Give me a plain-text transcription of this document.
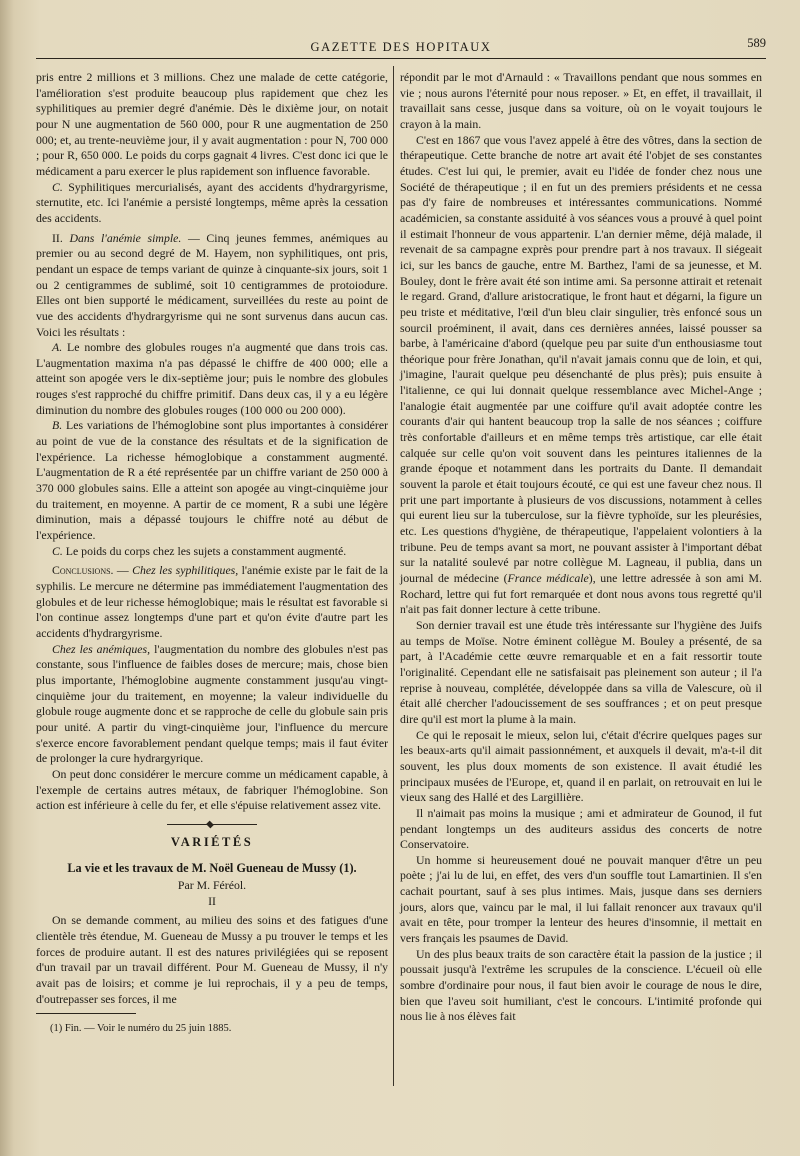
GAZETTE DES HOPITAUX	589

pris entre 2 millions et 3 millions. Chez une malade de cette catégorie, l'amélioration s'est produite beaucoup plus rapidement que chez les syphilitiques au premier degré d'anémie. Dès le dixième jour, on notait pour N une augmentation de 560 000, pour R une augmentation de 250 000; et, au trente-neuvième jour, il y avait augmentation : pour N, 700 000 ; pour R, 650 000. Le poids du corps gagnait 4 livres. C'est donc ici que le médicament a paru exercer le plus rapidement son influence favorable.

C. Syphilitiques mercurialisés, ayant des accidents d'hydrargyrisme, sternutite, etc. Ici l'anémie a persisté longtemps, même après la cessation des accidents.

II. Dans l'anémie simple. — Cinq jeunes femmes, anémiques au premier ou au second degré de M. Hayem, non syphilitiques, ont pris, pendant un espace de temps variant de quinze à cinquante-six jours, soit 1 ou 2 centigrammes de sublimé, soit 10 centigrammes de protoiodure. Elles ont bien supporté le médicament, surveillées du reste au point de vue des accidents d'hydrargyrisme qui ne sont survenus dans aucun cas. Voici les résultats :

A. Le nombre des globules rouges n'a augmenté que dans trois cas. L'augmentation maxima n'a pas dépassé le chiffre de 400 000; elle a atteint son apogée vers le dix-septième jour; puis le nombre des globules rouges s'est rapproché du chiffre primitif. Dans deux cas, il y a eu légère diminution du nombre des globules rouges (100 000 ou 200 000).

B. Les variations de l'hémoglobine sont plus importantes à considérer au point de vue de la constance des résultats et de la signification de l'expérience. La richesse hémoglobique a constamment augmenté. L'augmentation de R a été représentée par un chiffre variant de 250 000 à 370 000 globules sains. Elle a atteint son apogée au vingt-cinquième jour du traitement, en moyenne. A partir de ce moment, R a subi une légère diminution, mais a dépassé toujours le chiffre noté au début de l'expérience.

C. Le poids du corps chez les sujets a constamment augmenté.

Conclusions. — Chez les syphilitiques, l'anémie existe par le fait de la syphilis. Le mercure ne détermine pas immédiatement l'augmentation des globules et de leur richesse hémoglobique; mais le résultat est favorable si l'on continue assez longtemps d'une part et qu'on évite d'autre part les accidents d'hydrargyrisme.

Chez les anémiques, l'augmentation du nombre des globules n'est pas constante, sous l'influence de faibles doses de mercure; mais, chose bien plus importante, l'hémoglobine augmente constamment jusqu'au vingt-cinquième jour du traitement, en moyenne; la valeur individuelle du globule rouge augmente donc et se rapproche de celle du globule sain pris pour unité. A partir du vingt-cinquième jour, l'influence du mercure s'exerce encore favorablement pendant quelque temps; mais il faut éviter de prolonger la cure hydrargyrique.

On peut donc considérer le mercure comme un médicament capable, à l'exemple de certains autres métaux, de fabriquer l'hémoglobine. Son action est inférieure à celle du fer, et elle s'épuise relativement assez vite.

VARIÉTÉS
La vie et les travaux de M. Noël Gueneau de Mussy (1).
Par M. Féréol.
II

On se demande comment, au milieu des soins et des fatigues d'une clientèle très étendue, M. Gueneau de Mussy a pu trouver le temps et les forces de produire autant. Il est des natures privilégiées qui se reposent d'un travail par un travail différent. Pour M. Gueneau de Mussy, il n'y avait pas de loisirs; et comme je lui reprochais, il y a peu de temps, d'outrepasser ses forces, il me

(1) Fin. — Voir le numéro du 25 juin 1885.

répondit par le mot d'Arnauld : « Travaillons pendant que nous sommes en vie ; nous aurons l'éternité pour nous reposer. » Et, en effet, il travaillait, il travaillait sans cesse, jusque dans sa voiture, où on le voyait toujours le crayon à la main.

C'est en 1867 que vous l'avez appelé à être des vôtres, dans la section de thérapeutique. Cette branche de notre art avait été l'objet de ses constantes études. C'est lui qui, le premier, avait eu l'idée de fonder chez nous une Société de thérapeutique ; il en fut un des premiers présidents et ne cessa pas d'y faire de nombreuses et intéressantes communications. Nommé académicien, sa constante assiduité à vos séances vous a prouvé à quel point il estimait l'honneur de vous appartenir. L'an dernier même, déjà malade, il revenait de sa campagne exprès pour prendre part à nos travaux. Il siégeait ici, sur les bancs de gauche, entre M. Barthez, l'ami de sa jeunesse, et M. Bouley, dont le frère avait été son intime ami. Sa personne attirait et retenait le regard. Grand, d'allure aristocratique, le front haut et dégarni, la figure un peu triste et méditative, l'œil d'un bleu clair singulier, très enfoncé sous un sourcil proéminent, il avait, dans ces dernières années, laissé pousser sa barbe, à l'américaine d'abord (quelque peu par suite d'un enthousiasme tout théorique pour frère Jonathan, qu'il n'avait jamais connu que de loin, et qui, j'imagine, l'aurait quelque peu désenchanté de plus près); puis ensuite à l'italienne, ce qui lui donnait quelque ressemblance avec Michel-Ange ; l'analogie était augmentée par une coiffure qu'il avait adoptée contre les courants d'air qui hantent beaucoup trop la salle de nos séances ; coiffure très confortable d'ailleurs et en même temps très artistique, car elle était calquée sur celle qu'on voit souvent dans les peintures italiennes de la grande époque et notamment dans les portraits du Dante. Il demandait souvent la parole et était toujours écouté, ce qui est une faveur chez nous. Il prit une part importante à plusieurs de vos discussions, notamment à celles qui eurent lieu sur la tuberculose, sur la fièvre typhoïde, sur les pleurésies, etc. Les questions d'hygiène, de thérapeutique, l'appelaient volontiers à la tribune. Peu de temps avant sa mort, ne pouvant assister à l'important débat sur la natalité soulevé par notre collègue M. Lagneau, il publia, dans un journal de médecine (France médicale), une lettre adressée à son ami M. Rochard, lettre qui fut fort remarquée et dont nous avons tous regretté qu'il n'ait pas fait donner lecture à cette tribune.

Son dernier travail est une étude très intéressante sur l'hygiène des Juifs au temps de Moïse. Notre éminent collègue M. Bouley a présenté, de sa part, à l'Académie cette œuvre remarquable et en a fait ressortir toute l'originalité. Cependant elle ne satisfaisait pas pleinement son auteur ; il l'a reprise à nouveau, complétée, développée dans sa villa de Valescure, où il était allé chercher l'adoucissement de ses souffrances ; et on peut presque dire qu'il est mort la plume à la main.

Ce qui le reposait le mieux, selon lui, c'était d'écrire quelques pages sur les beaux-arts qu'il aimait passionnément, et auxquels il devait, m'a-t-il dit souvent, les plus doux moments de son existence. Il avait étudié les principaux musées de l'Europe, et, quand il en parlait, on retrouvait en lui le vieux sang des Hallé et des Largillière.

Il n'aimait pas moins la musique ; ami et admirateur de Gounod, il fut pendant longtemps un des auditeurs assidus des concerts de notre Conservatoire.

Un homme si heureusement doué ne pouvait manquer d'être un peu poète ; j'ai lu de lui, en effet, des vers d'un souffle tout Lamartinien. Il s'en cachait pourtant, sauf à ses plus intimes. Mais, jusque dans ses derniers jours, alors que, vaincu par le mal, il lui fallait renoncer aux travaux qu'il avait en tête, pour tromper la lenteur des heures d'insomnie, il mettait en vers français les psaumes de David.

Un des plus beaux traits de son caractère était la passion de la justice ; il poussait jusqu'à l'extrême les scrupules de la conscience. L'écueil où elle sombre d'ordinaire pour nous, il faut bien avoir le courage de nous le dire, bien que l'aveu soit humiliant, c'est le concours. L'intimité profonde qui nous lie à nos élèves fait
